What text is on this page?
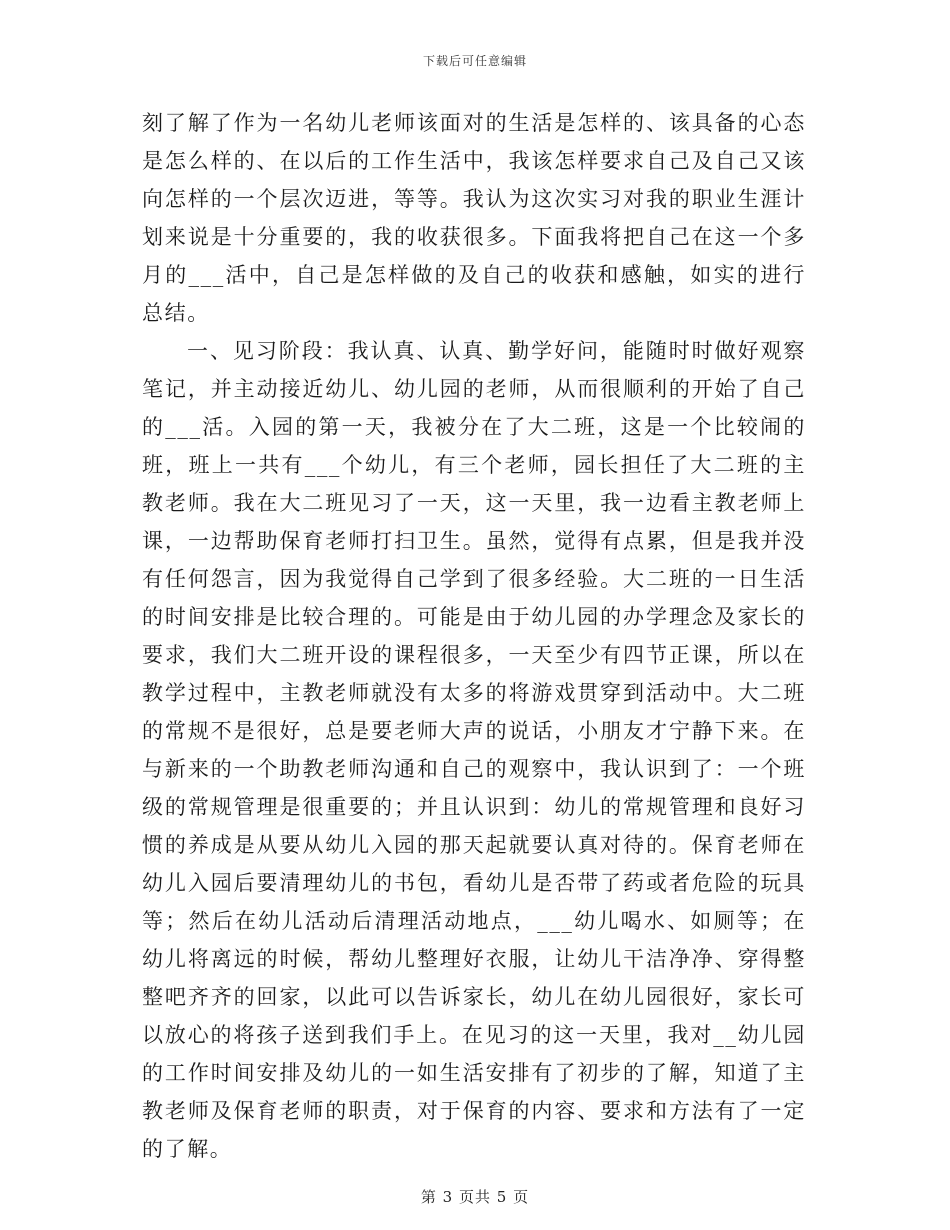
下载后可任意编辑

刻了解了作为一名幼儿老师该面对的生活是怎样的、该具备的心态是怎么样的、在以后的工作生活中，我该怎样要求自己及自己又该向怎样的一个层次迈进，等等。我认为这次实习对我的职业生涯计划来说是十分重要的，我的收获很多。下面我将把自己在这一个多月的___活中，自己是怎样做的及自己的收获和感触，如实的进行总结。

一、见习阶段：我认真、认真、勤学好问，能随时时做好观察笔记，并主动接近幼儿、幼儿园的老师，从而很顺利的开始了自己的___活。入园的第一天，我被分在了大二班，这是一个比较闹的班，班上一共有___个幼儿，有三个老师，园长担任了大二班的主教老师。我在大二班见习了一天，这一天里，我一边看主教老师上课，一边帮助保育老师打扫卫生。虽然，觉得有点累，但是我并没有任何怨言，因为我觉得自己学到了很多经验。大二班的一日生活的时间安排是比较合理的。可能是由于幼儿园的办学理念及家长的要求，我们大二班开设的课程很多，一天至少有四节正课，所以在教学过程中，主教老师就没有太多的将游戏贯穿到活动中。大二班的常规不是很好，总是要老师大声的说话，小朋友才宁静下来。在与新来的一个助教老师沟通和自己的观察中，我认识到了：一个班级的常规管理是很重要的；并且认识到：幼儿的常规管理和良好习惯的养成是从要从幼儿入园的那天起就要认真对待的。保育老师在幼儿入园后要清理幼儿的书包，看幼儿是否带了药或者危险的玩具等；然后在幼儿活动后清理活动地点，___幼儿喝水、如厕等；在幼儿将离远的时候，帮幼儿整理好衣服，让幼儿干洁净净、穿得整整吧齐齐的回家，以此可以告诉家长，幼儿在幼儿园很好，家长可以放心的将孩子送到我们手上。在见习的这一天里，我对__幼儿园的工作时间安排及幼儿的一如生活安排有了初步的了解，知道了主教老师及保育老师的职责，对于保育的内容、要求和方法有了一定的了解。

第 3 页共 5 页
